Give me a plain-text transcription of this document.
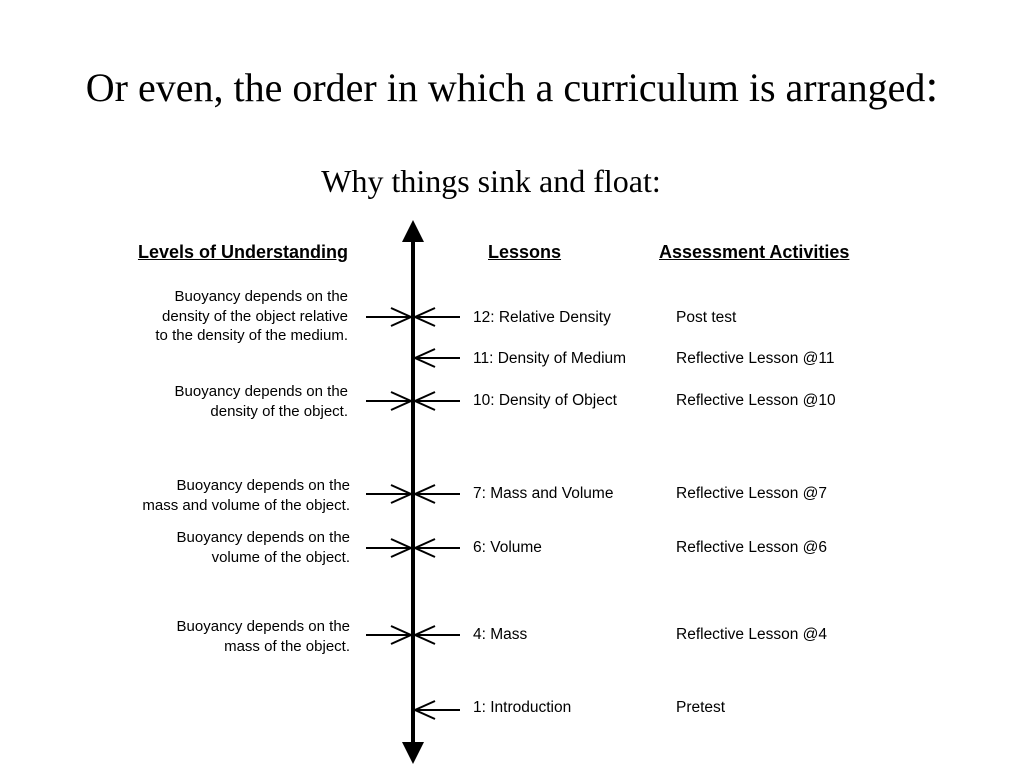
Or even, the order in which a curriculum is arranged:
Why things sink and float:
Levels of Understanding	Lessons	Assessment Activities
Buoyancy depends on the
density of the object relative
to the density of the medium.
Buoyancy depends on the
density of the object.
Buoyancy depends on the
mass and volume of the object.
Buoyancy depends on the
volume of the object.
Buoyancy depends on the
mass of the object.
12: Relative Density
11: Density of Medium
10: Density of Object
7: Mass and Volume
6: Volume
4: Mass
1: Introduction
Post test
Reflective Lesson @11
Reflective Lesson @10
Reflective Lesson @7
Reflective Lesson @6
Reflective Lesson @4
Pretest
